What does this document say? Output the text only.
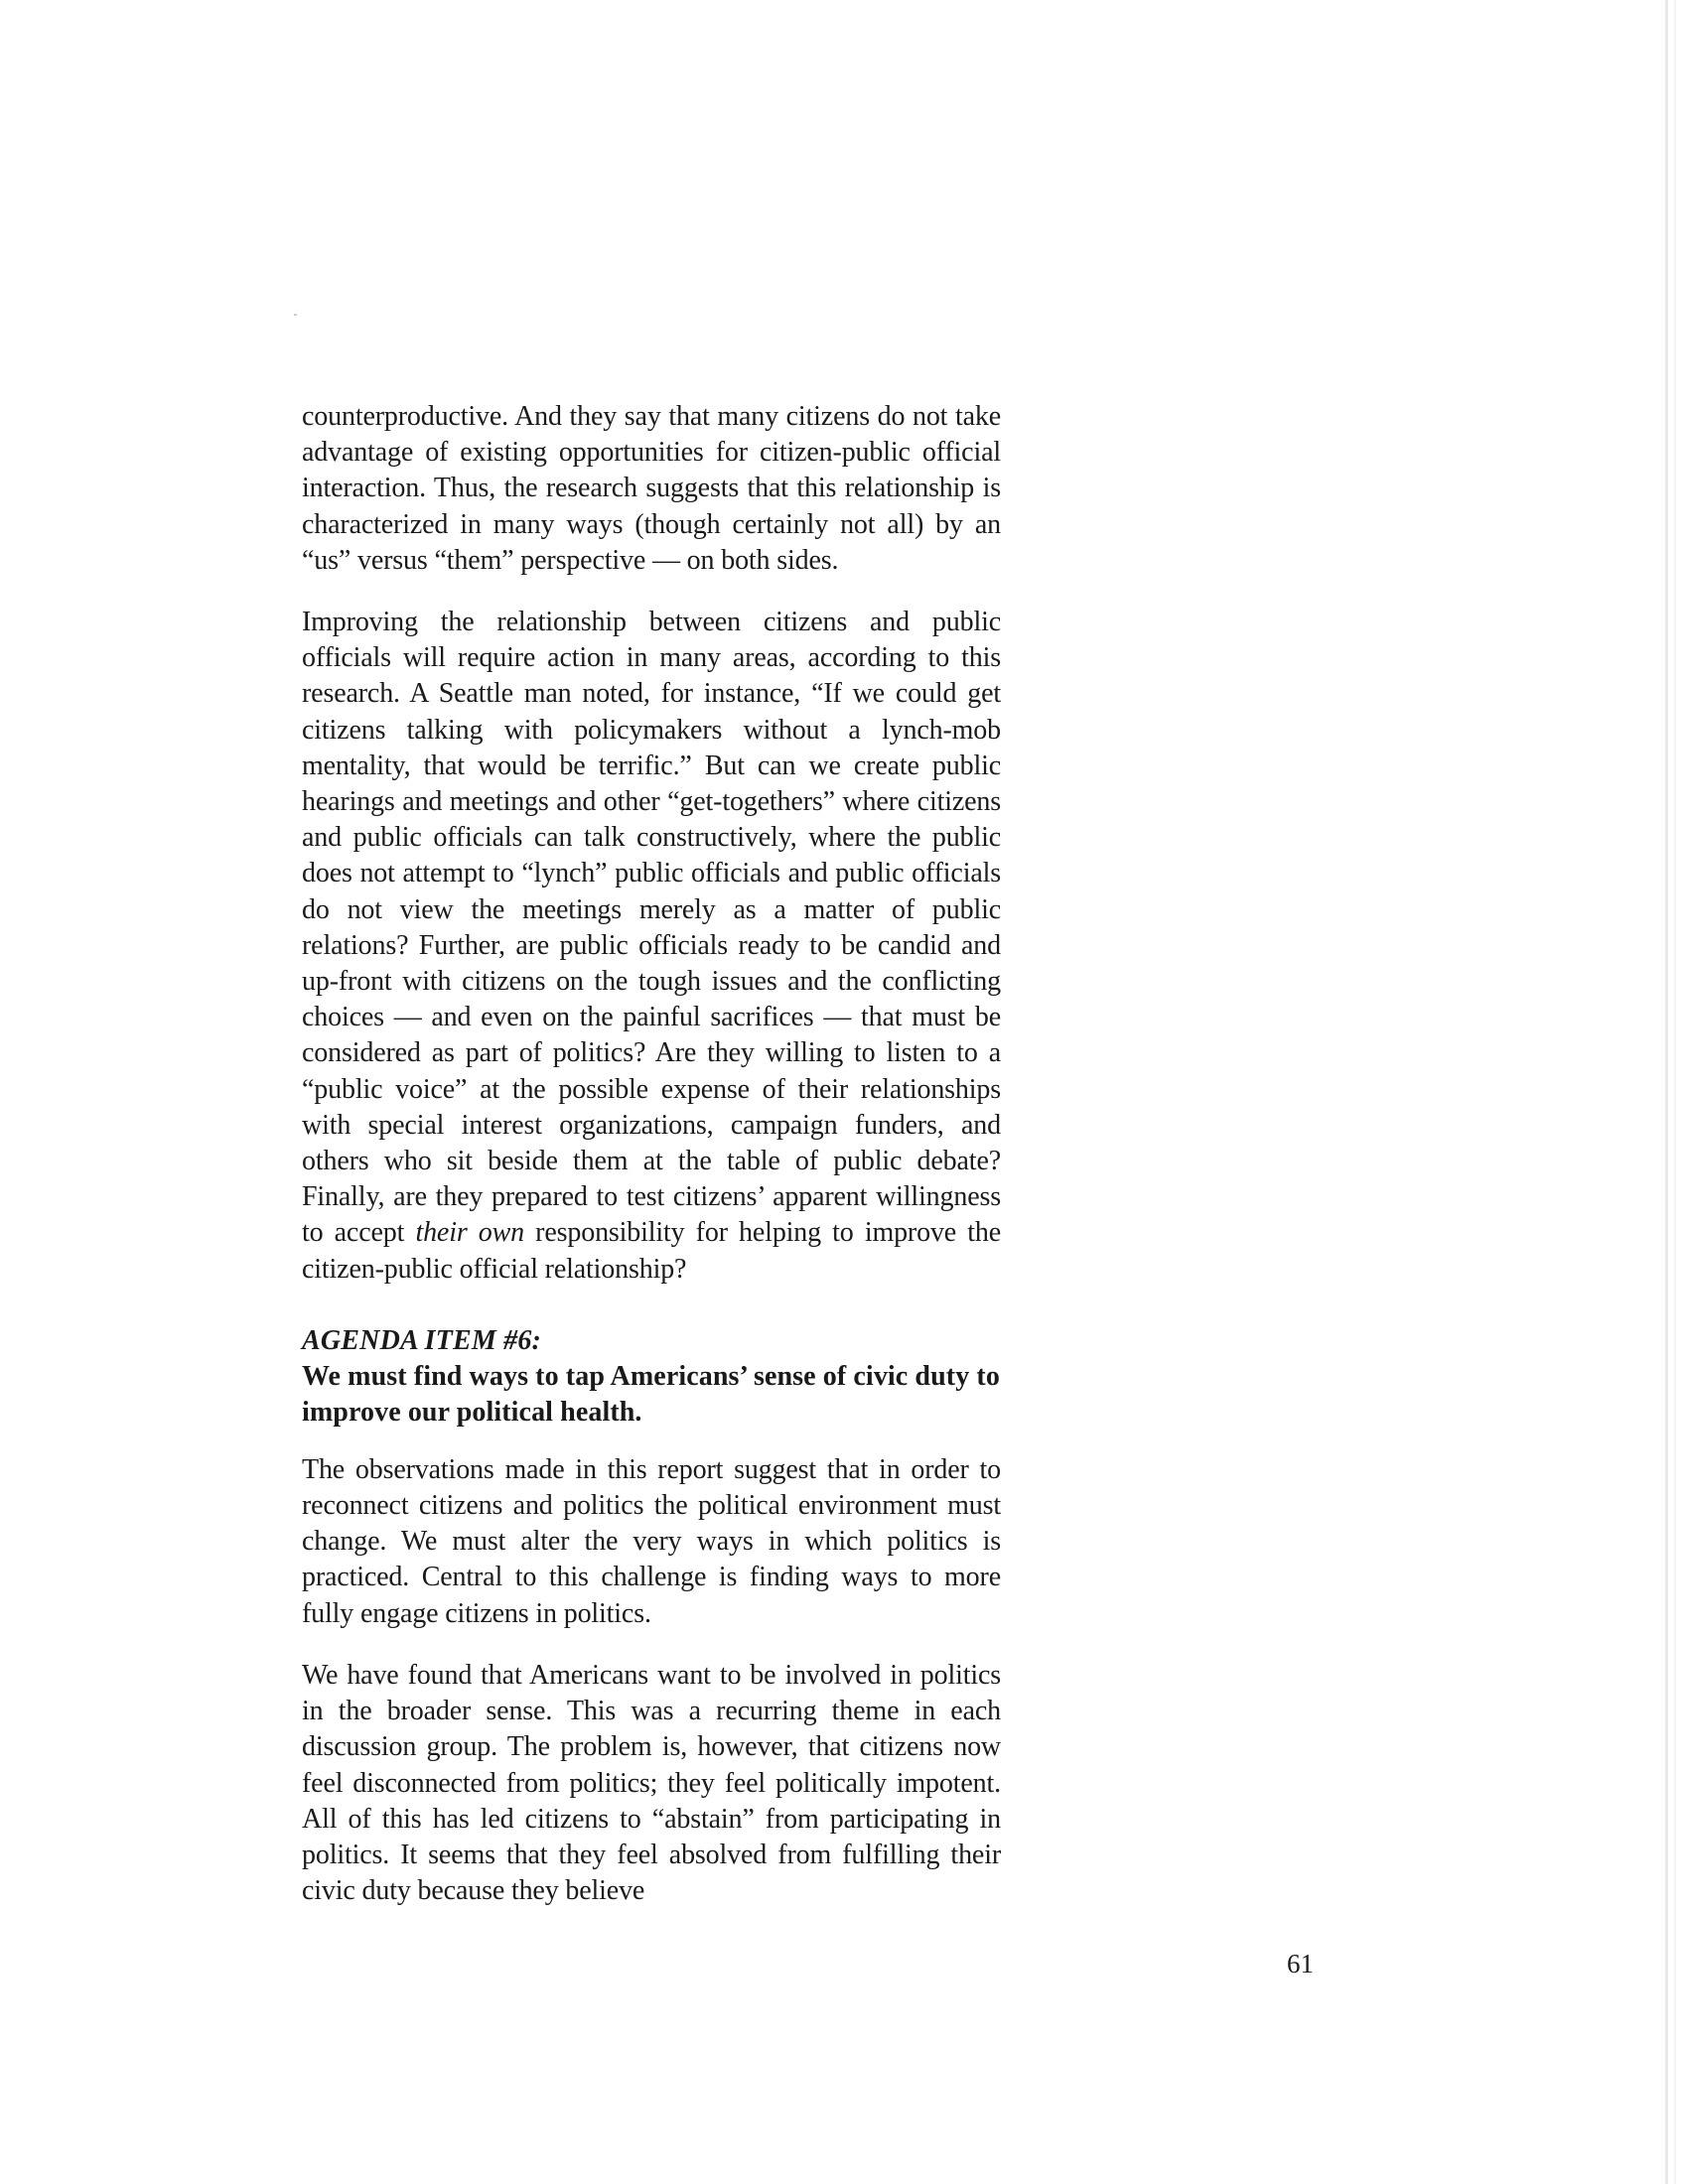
counterproductive. And they say that many citizens do not take advantage of existing opportunities for citizen-public official interaction. Thus, the research suggests that this relationship is characterized in many ways (though certainly not all) by an “us” versus “them” perspective — on both sides.

Improving the relationship between citizens and public officials will require action in many areas, according to this research. A Seattle man noted, for instance, “If we could get citizens talking with policymakers without a lynch-mob mentality, that would be terrific.” But can we create public hearings and meetings and other “get-togethers” where citizens and public officials can talk constructively, where the public does not attempt to “lynch” public officials and public officials do not view the meetings merely as a matter of public relations? Further, are public officials ready to be candid and up-front with citizens on the tough issues and the conflicting choices — and even on the painful sacrifices — that must be considered as part of politics? Are they willing to listen to a “public voice” at the possible expense of their relationships with special interest organizations, campaign funders, and others who sit beside them at the table of public debate? Finally, are they prepared to test citizens’ apparent willingness to accept their own responsibility for helping to improve the citizen-public official relationship?

AGENDA ITEM #6:
We must find ways to tap Americans’ sense of civic duty to improve our political health.

The observations made in this report suggest that in order to reconnect citizens and politics the political environment must change. We must alter the very ways in which politics is practiced. Central to this challenge is finding ways to more fully engage citizens in politics.

We have found that Americans want to be involved in politics in the broader sense. This was a recurring theme in each discussion group. The problem is, however, that citizens now feel disconnected from politics; they feel politically impotent. All of this has led citizens to “abstain” from participating in politics. It seems that they feel absolved from fulfilling their civic duty because they believe

61
